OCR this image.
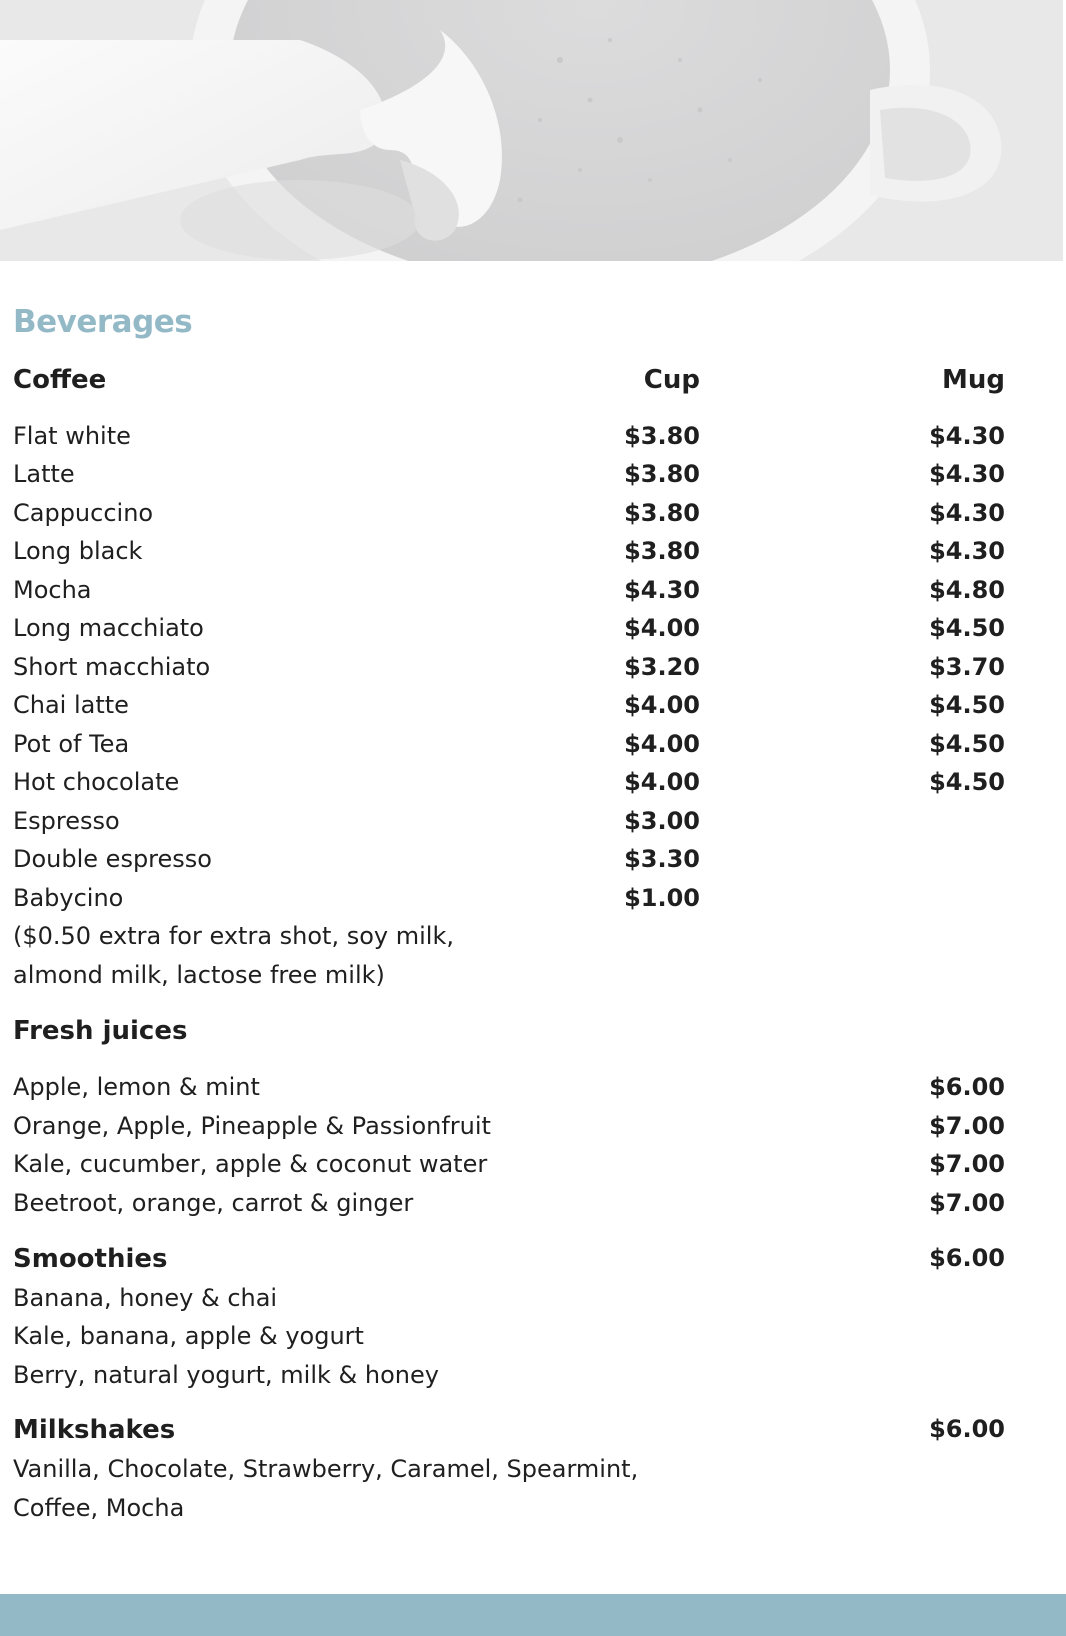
Beverages
Coffee	Cup	Mug
Flat white	$3.80	$4.30
Latte	$3.80	$4.30
Cappuccino	$3.80	$4.30
Long black	$3.80	$4.30
Mocha	$4.30	$4.80
Long macchiato	$4.00	$4.50
Short macchiato	$3.20	$3.70
Chai latte	$4.00	$4.50
Pot of Tea	$4.00	$4.50
Hot chocolate	$4.00	$4.50
Espresso	$3.00
Double espresso	$3.30
Babycino	$1.00
($0.50 extra for extra shot, soy milk,
almond milk, lactose free milk)
Fresh juices
Apple, lemon & mint	$6.00
Orange, Apple, Pineapple & Passionfruit	$7.00
Kale, cucumber, apple & coconut water	$7.00
Beetroot, orange, carrot & ginger	$7.00
Smoothies	$6.00
Banana, honey & chai
Kale, banana, apple & yogurt
Berry, natural yogurt, milk & honey
Milkshakes	$6.00
Vanilla, Chocolate, Strawberry, Caramel, Spearmint,
Coffee, Mocha
